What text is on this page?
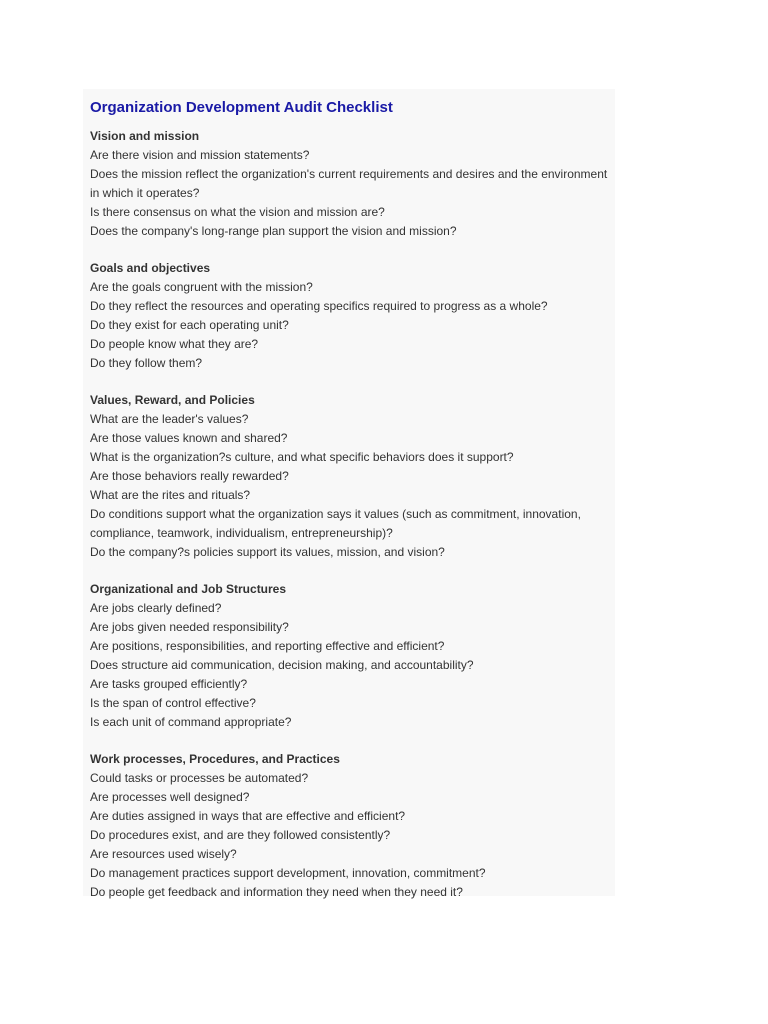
Organization Development Audit Checklist
Vision and mission
Are there vision and mission statements?
Does the mission reflect the organization's current requirements and desires and the environment in which it operates?
Is there consensus on what the vision and mission are?
Does the company's long-range plan support the vision and mission?
Goals and objectives
Are the goals congruent with the mission?
Do they reflect the resources and operating specifics required to progress as a whole?
Do they exist for each operating unit?
Do people know what they are?
Do they follow them?
Values, Reward, and Policies
What are the leader's values?
Are those values known and shared?
What is the organization?s culture, and what specific behaviors does it support?
Are those behaviors really rewarded?
What are the rites and rituals?
Do conditions support what the organization says it values (such as commitment, innovation, compliance, teamwork, individualism, entrepreneurship)?
Do the company?s policies support its values, mission, and vision?
Organizational and Job Structures
Are jobs clearly defined?
Are jobs given needed responsibility?
Are positions, responsibilities, and reporting effective and efficient?
Does structure aid communication, decision making, and accountability?
Are tasks grouped efficiently?
Is the span of control effective?
Is each unit of command appropriate?
Work processes, Procedures, and Practices
Could tasks or processes be automated?
Are processes well designed?
Are duties assigned in ways that are effective and efficient?
Do procedures exist, and are they followed consistently?
Are resources used wisely?
Do management practices support development, innovation, commitment?
Do people get feedback and information they need when they need it?
